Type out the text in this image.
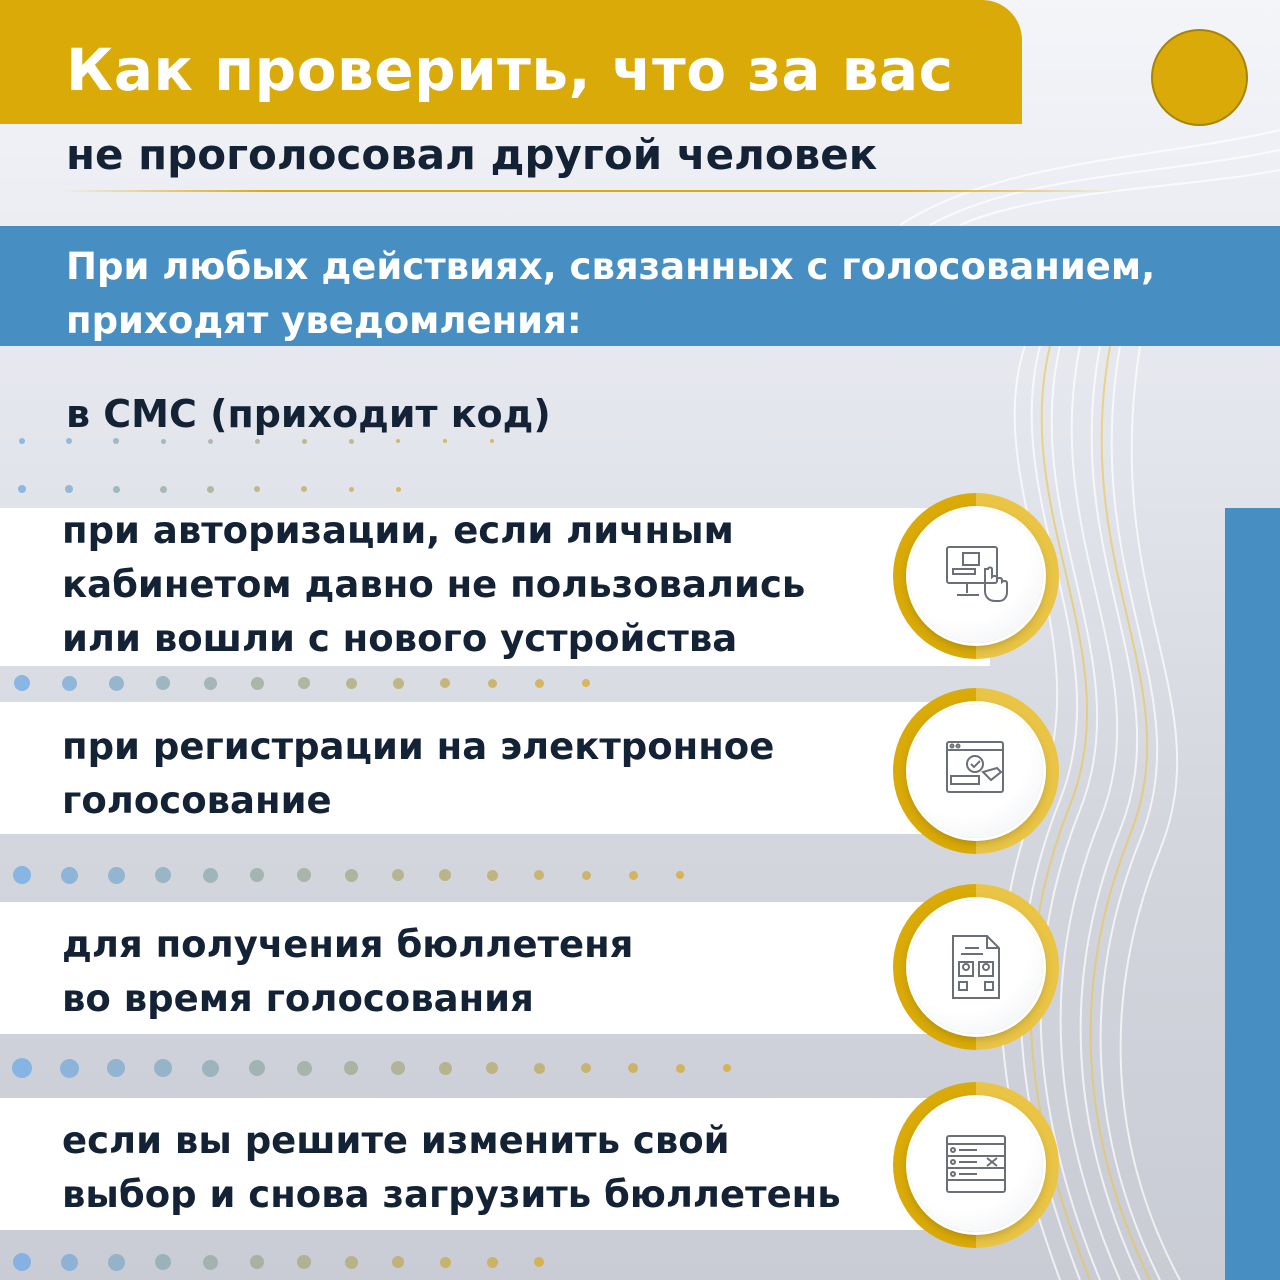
Как проверить, что за вас
не проголосовал другой человек
При любых действиях, связанных с голосованием,
приходят уведомления:
в СМС (приходит код)
при авторизации, если личным
кабинетом давно не пользовались
или вошли с нового устройства
при регистрации на электронное
голосование
для получения бюллетеня
во время голосования
если вы решите изменить свой
выбор и снова загрузить бюллетень
